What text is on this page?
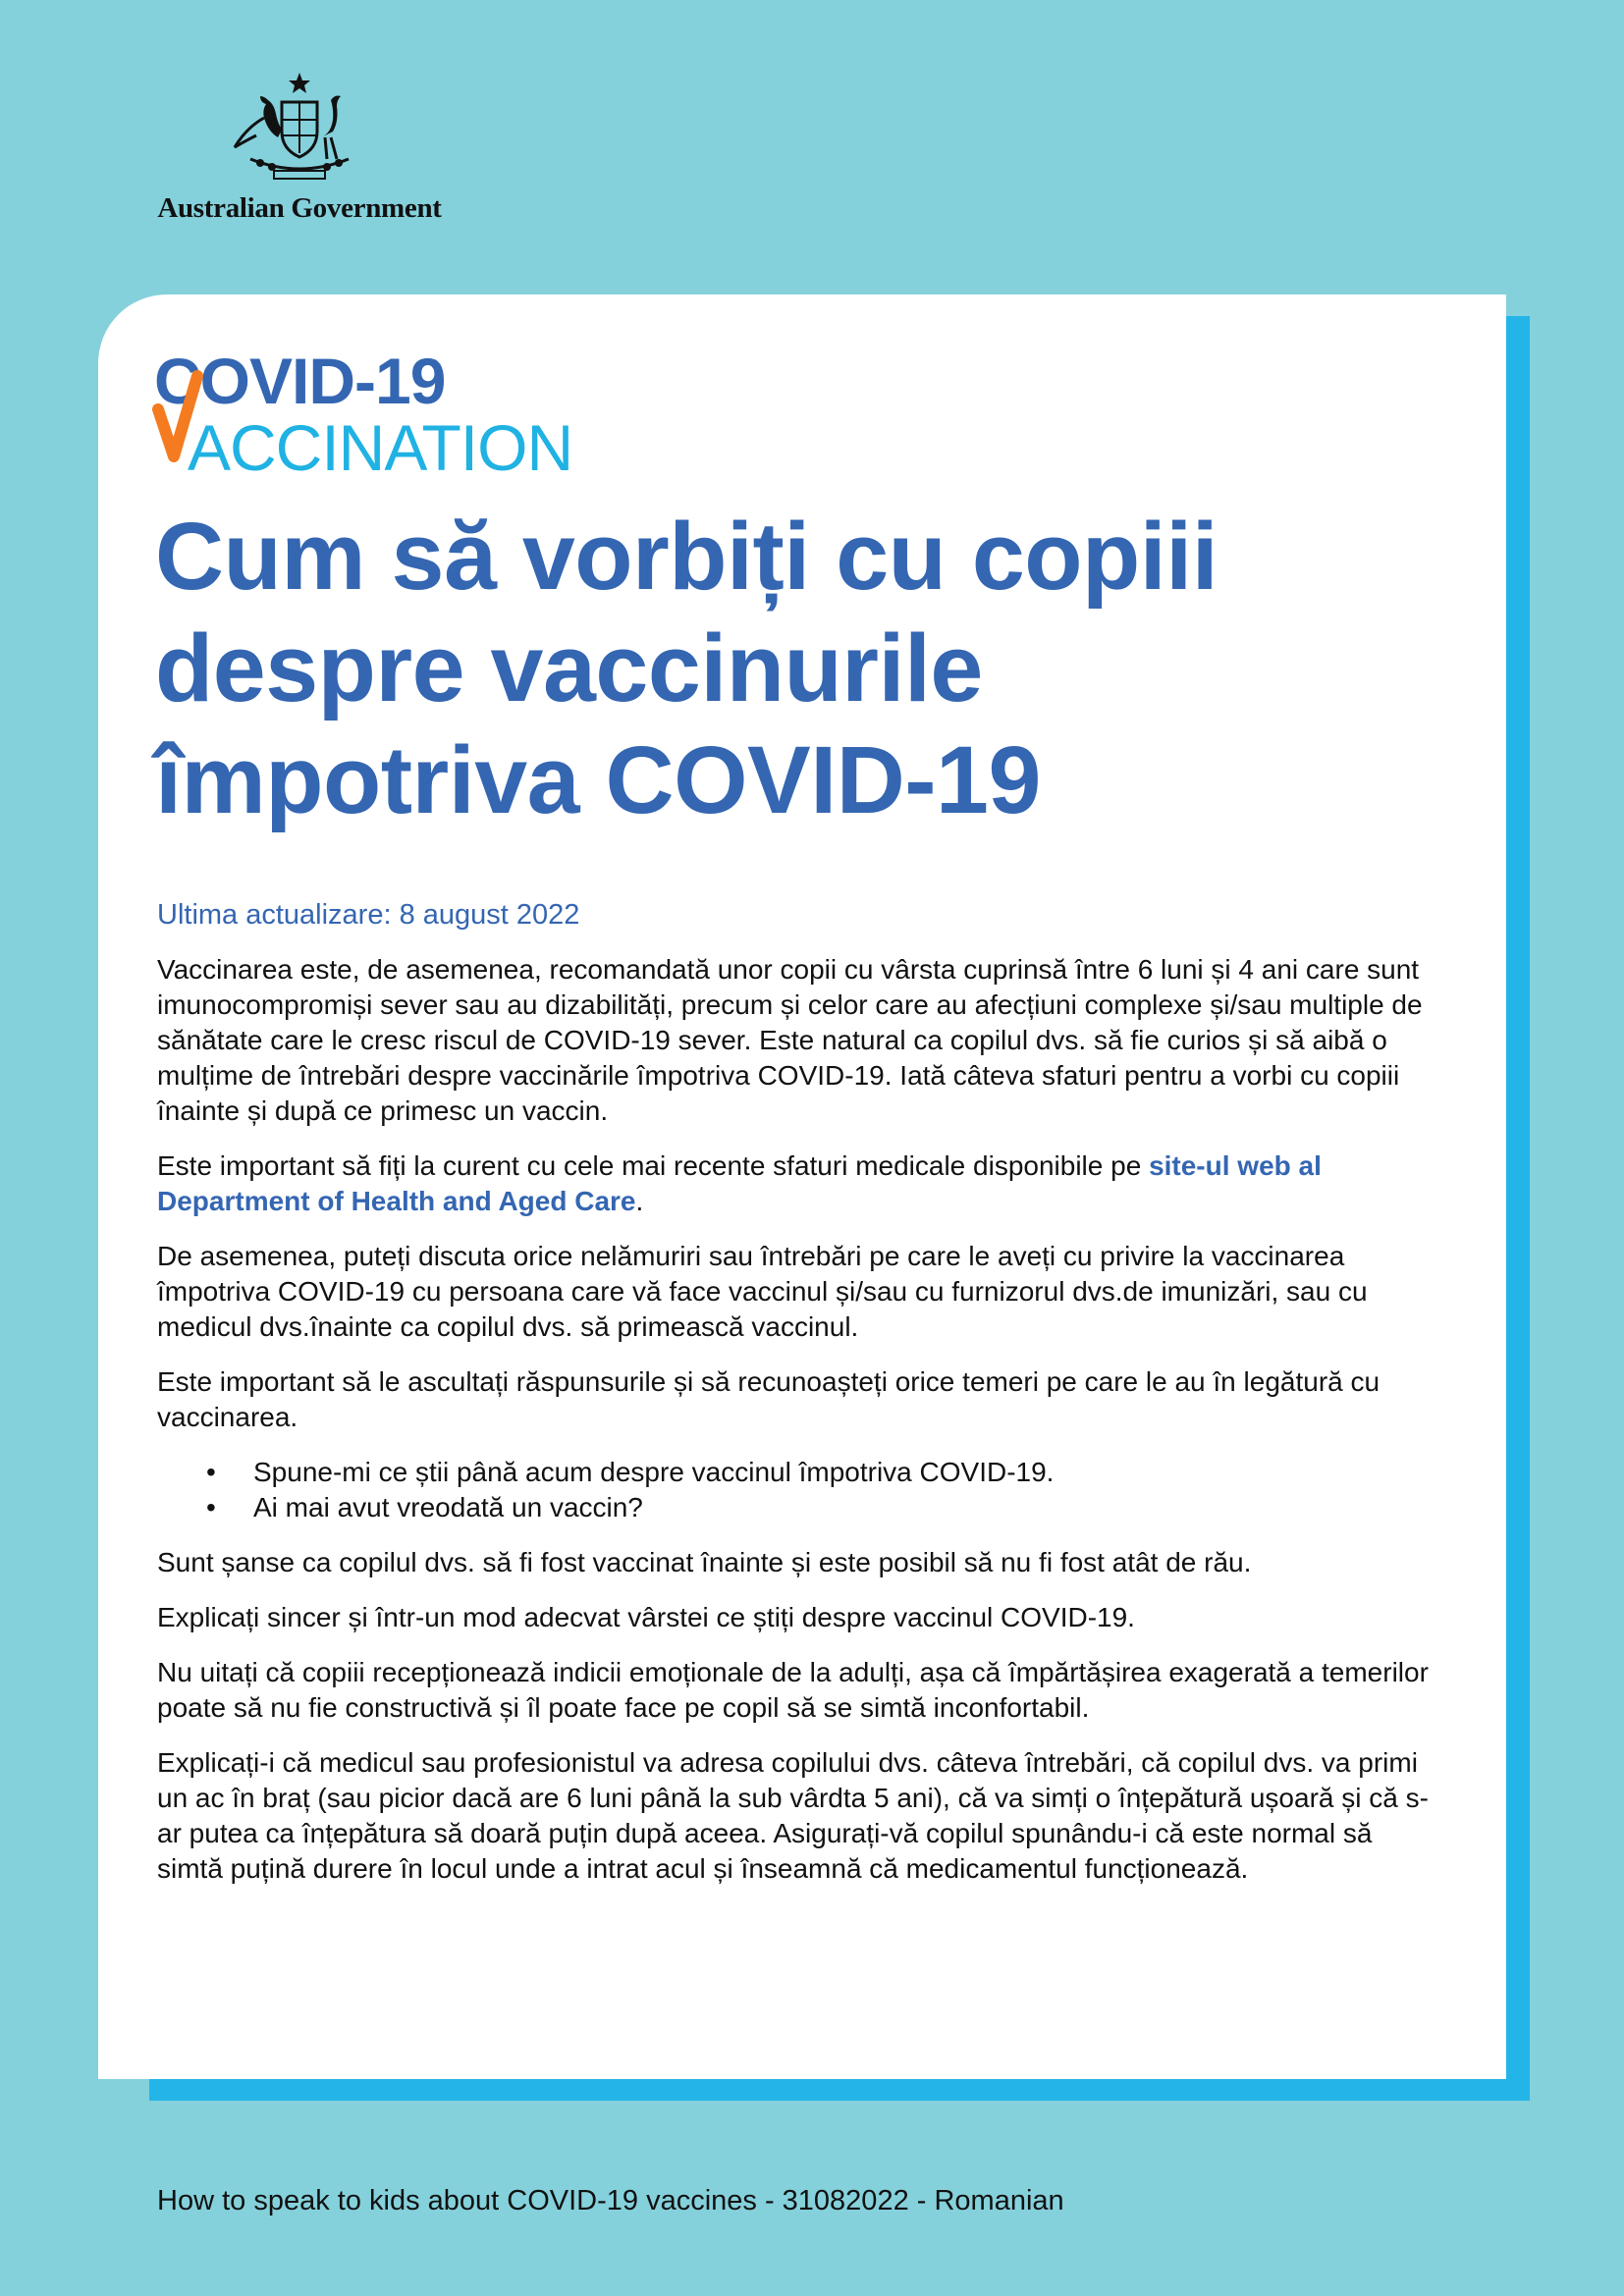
Australian Government
COVID-19
ACCINATION
Cum să vorbiți cu copiii despre vaccinurile împotriva COVID-19
Ultima actualizare: 8 august 2022

Vaccinarea este, de asemenea, recomandată unor copii cu vârsta cuprinsă între 6 luni și 4 ani care sunt imunocompromiși sever sau au dizabilități, precum și celor care au afecțiuni complexe și/sau multiple de sănătate care le cresc riscul de COVID-19 sever. Este natural ca copilul dvs. să fie curios și să aibă o mulțime de întrebări despre vaccinările împotriva COVID-19. Iată câteva sfaturi pentru a vorbi cu copiii înainte și după ce primesc un vaccin.

Este important să fiți la curent cu cele mai recente sfaturi medicale disponibile pe site-ul web al Department of Health and Aged Care.

De asemenea, puteți discuta orice nelămuriri sau întrebări pe care le aveți cu privire la vaccinarea împotriva COVID-19 cu persoana care vă face vaccinul și/sau cu furnizorul dvs.de imunizări, sau cu medicul dvs.înainte ca copilul dvs. să primească vaccinul.

Este important să le ascultați răspunsurile și să recunoașteți orice temeri pe care le au în legătură cu vaccinarea.

• Spune-mi ce știi până acum despre vaccinul împotriva COVID-19.
• Ai mai avut vreodată un vaccin?

Sunt șanse ca copilul dvs. să fi fost vaccinat înainte și este posibil să nu fi fost atât de rău.

Explicați sincer și într-un mod adecvat vârstei ce știți despre vaccinul COVID-19.

Nu uitați că copiii recepționează indicii emoționale de la adulți, așa că împărtășirea exagerată a temerilor poate să nu fie constructivă și îl poate face pe copil să se simtă inconfortabil.

Explicați-i că medicul sau profesionistul va adresa copilului dvs. câteva întrebări, că copilul dvs. va primi un ac în braț (sau picior dacă are 6 luni până la sub vârdta 5 ani), că va simți o înțepătură ușoară și că s-ar putea ca înțepătura să doară puțin după aceea. Asigurați-vă copilul spunându-i că este normal să simtă puțină durere în locul unde a intrat acul și înseamnă că medicamentul funcționează.

How to speak to kids about COVID-19 vaccines - 31082022 - Romanian
